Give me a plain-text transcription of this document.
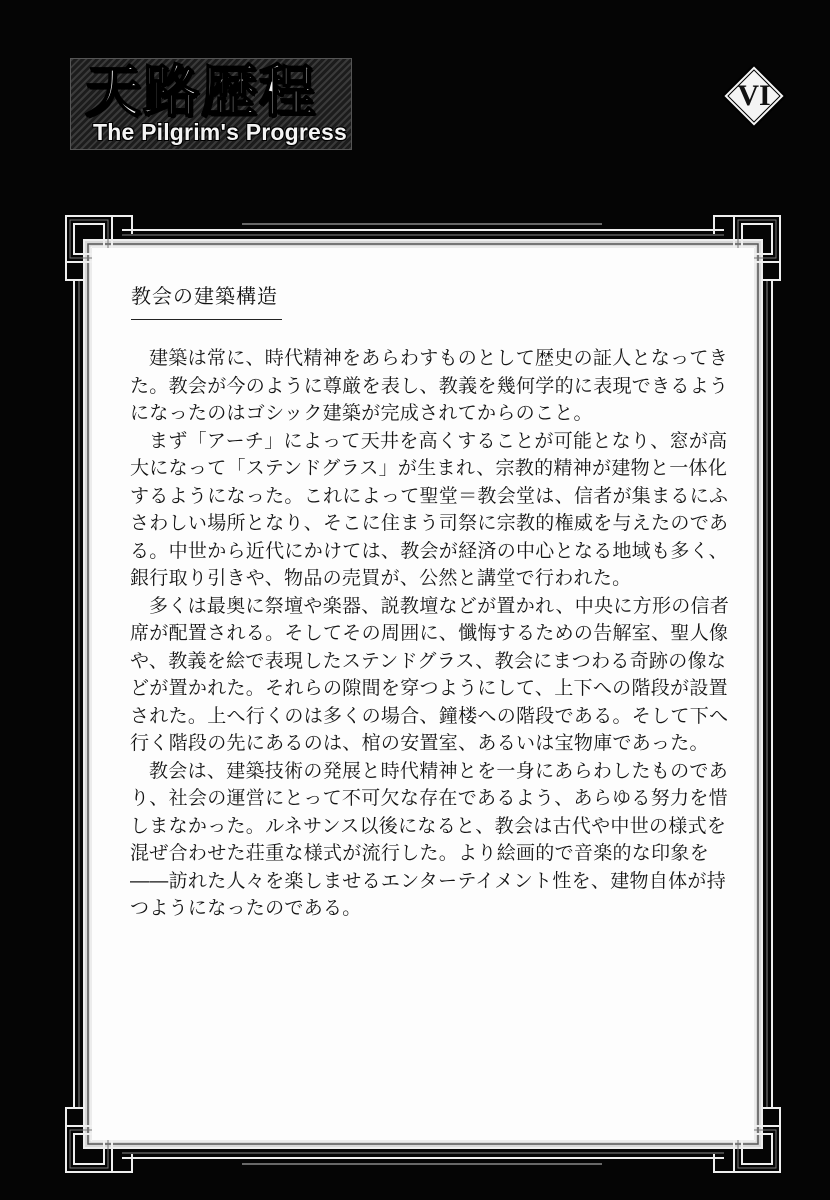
天路歴程
The Pilgrim's Progress
VI
教会の建築構造

建築は常に、時代精神をあらわすものとして歴史の証人となってきた。教会が今のように尊厳を表し、教義を幾何学的に表現できるようになったのはゴシック建築が完成されてからのこと。

まず「アーチ」によって天井を高くすることが可能となり、窓が高大になって「ステンドグラス」が生まれ、宗教的精神が建物と一体化するようになった。これによって聖堂＝教会堂は、信者が集まるにふさわしい場所となり、そこに住まう司祭に宗教的権威を与えたのである。中世から近代にかけては、教会が経済の中心となる地域も多く、銀行取り引きや、物品の売買が、公然と講堂で行われた。

多くは最奥に祭壇や楽器、説教壇などが置かれ、中央に方形の信者席が配置される。そしてその周囲に、懺悔するための告解室、聖人像や、教義を絵で表現したステンドグラス、教会にまつわる奇跡の像などが置かれた。それらの隙間を穿つようにして、上下への階段が設置された。上へ行くのは多くの場合、鐘楼への階段である。そして下へ行く階段の先にあるのは、棺の安置室、あるいは宝物庫であった。

教会は、建築技術の発展と時代精神とを一身にあらわしたものであり、社会の運営にとって不可欠な存在であるよう、あらゆる努力を惜しまなかった。ルネサンス以後になると、教会は古代や中世の様式を混ぜ合わせた荘重な様式が流行した。より絵画的で音楽的な印象を――訪れた人々を楽しませるエンターテイメント性を、建物自体が持つようになったのである。
